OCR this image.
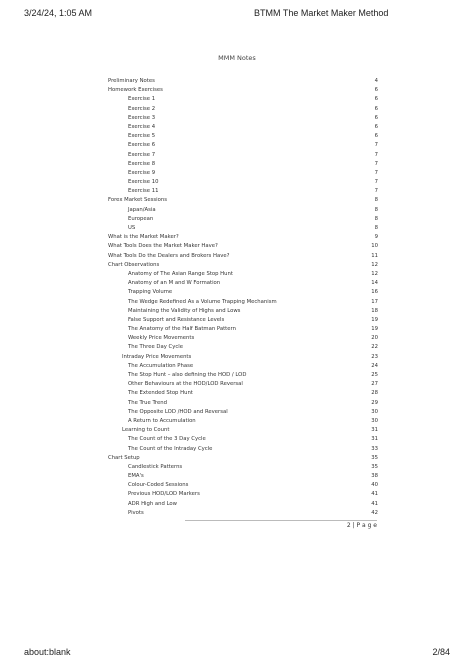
3/24/24, 1:05 AM	BTMM The Market Maker Method
MMM Notes
Preliminary Notes	4
Homework Exercises	6
Exercise 1	6
Exercise 2	6
Exercise 3	6
Exercise 4	6
Exercise 5	6
Exercise 6	7
Exercise 7	7
Exercise 8	7
Exercise 9	7
Exercise 10	7
Exercise 11	7
Forex Market Sessions	8
Japan/Asia	8
European	8
US	8
What is the Market Maker?	9
What Tools Does the Market Maker Have?	10
What Tools Do the Dealers and Brokers Have?	11
Chart Observations	12
Anatomy of The Asian Range Stop Hunt	12
Anatomy of an M and W Formation	14
Trapping Volume	16
The Wedge Redefined As a Volume Trapping Mechanism	17
Maintaining the Validity of Highs and Lows	18
False Support and Resistance Levels	19
The Anatomy of the Half Batman Pattern	19
Weekly Price Movements	20
The Three Day Cycle	22
Intraday Price Movements	23
The Accumulation Phase	24
The Stop Hunt – also defining the HOD / LOD	25
Other Behaviours at the HOD/LOD Reversal	27
The Extended Stop Hunt	28
The True Trend	29
The Opposite LOD /HOD and Reversal	30
A Return to Accumulation	30
Learning to Count	31
The Count of the 3 Day Cycle	31
The Count of the Intraday Cycle	33
Chart Setup	35
Candlestick Patterns	35
EMA's	38
Colour-Coded Sessions	40
Previous HOD/LOD Markers	41
ADR High and Low	41
Pivots	42
2 | P a g e
about:blank	2/84
